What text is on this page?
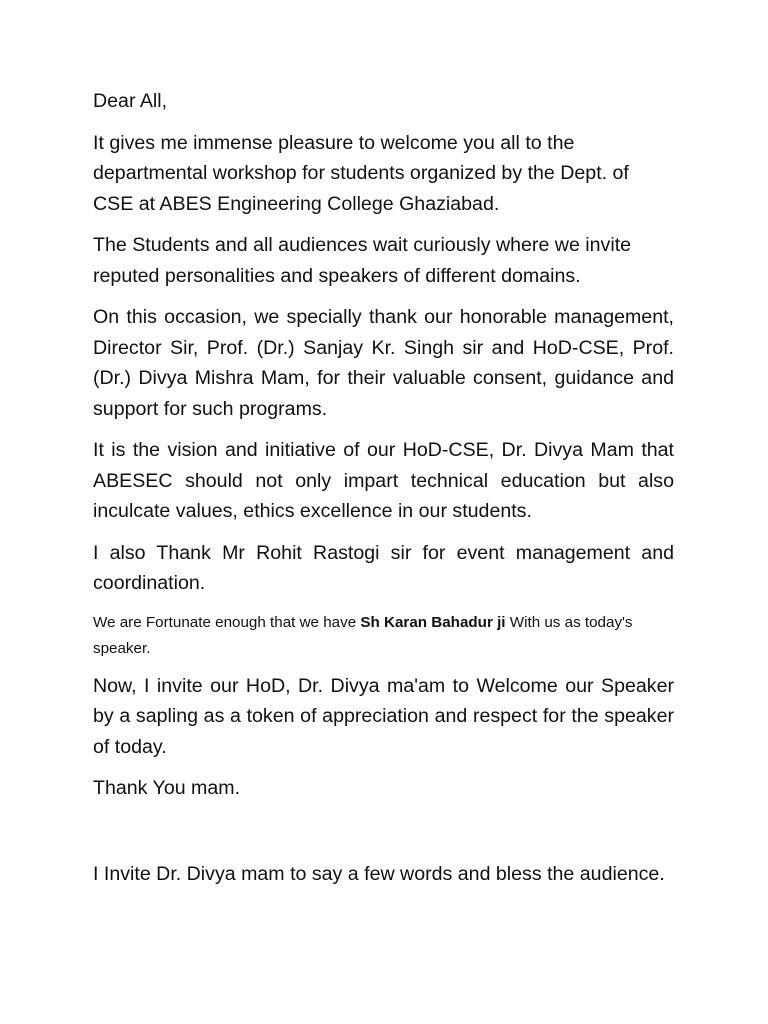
Dear All,

It gives me immense pleasure to welcome you all to the departmental workshop for students organized by the Dept. of CSE at ABES Engineering College Ghaziabad.

The Students and all audiences wait curiously where we invite reputed personalities and speakers of different domains.

On this occasion, we specially thank our honorable management, Director Sir, Prof. (Dr.) Sanjay Kr. Singh sir and HoD-CSE, Prof. (Dr.) Divya Mishra Mam, for their valuable consent, guidance and support for such programs.

It is the vision and initiative of our HoD-CSE, Dr. Divya Mam that ABESEC should not only impart technical education but also inculcate values, ethics excellence in our students.

I also Thank Mr Rohit Rastogi sir for event management and coordination.

We are Fortunate enough that we have Sh Karan Bahadur ji With us as today's speaker.

Now, I invite our HoD, Dr. Divya ma'am to Welcome our Speaker by a sapling as a token of appreciation and respect for the speaker of today.

Thank You mam.

I Invite Dr. Divya mam to say a few words and bless the audience.
